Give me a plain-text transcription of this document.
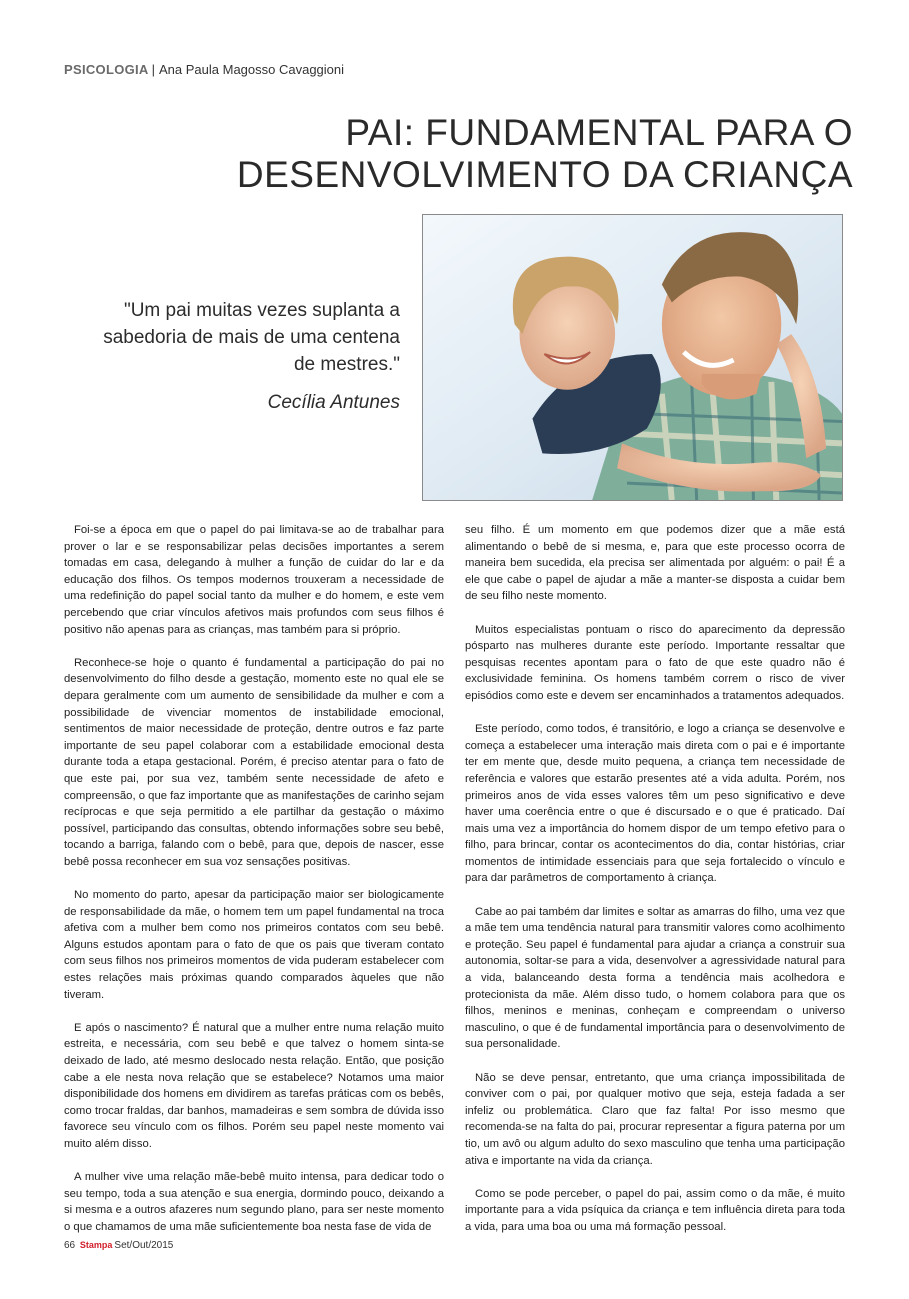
PSICOLOGIA | Ana Paula Magosso Cavaggioni
PAI: FUNDAMENTAL PARA O
DESENVOLVIMENTO DA CRIANÇA
"Um pai muitas vezes suplanta a sabedoria de mais de uma centena de mestres."
Cecília Antunes

Foi-se a época em que o papel do pai limitava-se ao de trabalhar para prover o lar e se responsabilizar pelas decisões importantes a serem tomadas em casa, delegando à mulher a função de cuidar do lar e da educação dos filhos. Os tempos modernos trouxeram a necessidade de uma redefinição do papel social tanto da mulher e do homem, e este vem percebendo que criar vínculos afetivos mais profundos com seus filhos é positivo não apenas para as crianças, mas também para si próprio.

Reconhece-se hoje o quanto é fundamental a participação do pai no desenvolvimento do filho desde a gestação, momento este no qual ele se depara geralmente com um aumento de sensibilidade da mulher e com a possibilidade de vivenciar momentos de instabilidade emocional, sentimentos de maior necessidade de proteção, dentre outros e faz parte importante de seu papel colaborar com a estabilidade emocional desta durante toda a etapa gestacional. Porém, é preciso atentar para o fato de que este pai, por sua vez, também sente necessidade de afeto e compreensão, o que faz importante que as manifestações de carinho sejam recíprocas e que seja permitido a ele partilhar da gestação o máximo possível, participando das consultas, obtendo informações sobre seu bebê, tocando a barriga, falando com o bebê, para que, depois de nascer, esse bebê possa reconhecer em sua voz sensações positivas.

No momento do parto, apesar da participação maior ser biologicamente de responsabilidade da mãe, o homem tem um papel fundamental na troca afetiva com a mulher bem como nos primeiros contatos com seu bebê. Alguns estudos apontam para o fato de que os pais que tiveram contato com seus filhos nos primeiros momentos de vida puderam estabelecer com estes relações mais próximas quando comparados àqueles que não tiveram.

E após o nascimento? É natural que a mulher entre numa relação muito estreita, e necessária, com seu bebê e que talvez o homem sinta-se deixado de lado, até mesmo deslocado nesta relação. Então, que posição cabe a ele nesta nova relação que se estabelece? Notamos uma maior disponibilidade dos homens em dividirem as tarefas práticas com os bebês, como trocar fraldas, dar banhos, mamadeiras e sem sombra de dúvida isso favorece seu vínculo com os filhos. Porém seu papel neste momento vai muito além disso.

A mulher vive uma relação mãe-bebê muito intensa, para dedicar todo o seu tempo, toda a sua atenção e sua energia, dormindo pouco, deixando a si mesma e a outros afazeres num segundo plano, para ser neste momento o que chamamos de uma mãe suficientemente boa nesta fase de vida de

seu filho. É um momento em que podemos dizer que a mãe está alimentando o bebê de si mesma, e, para que este processo ocorra de maneira bem sucedida, ela precisa ser alimentada por alguém: o pai! É a ele que cabe o papel de ajudar a mãe a manter-se disposta a cuidar bem de seu filho neste momento.

Muitos especialistas pontuam o risco do aparecimento da depressão pósparto nas mulheres durante este período. Importante ressaltar que pesquisas recentes apontam para o fato de que este quadro não é exclusividade feminina. Os homens também correm o risco de viver episódios como este e devem ser encaminhados a tratamentos adequados.

Este período, como todos, é transitório, e logo a criança se desenvolve e começa a estabelecer uma interação mais direta com o pai e é importante ter em mente que, desde muito pequena, a criança tem necessidade de referência e valores que estarão presentes até a vida adulta. Porém, nos primeiros anos de vida esses valores têm um peso significativo e deve haver uma coerência entre o que é discursado e o que é praticado. Daí mais uma vez a importância do homem dispor de um tempo efetivo para o filho, para brincar, contar os acontecimentos do dia, contar histórias, criar momentos de intimidade essenciais para que seja fortalecido o vínculo e para dar parâmetros de comportamento à criança.

Cabe ao pai também dar limites e soltar as amarras do filho, uma vez que a mãe tem uma tendência natural para transmitir valores como acolhimento e proteção. Seu papel é fundamental para ajudar a criança a construir sua autonomia, soltar-se para a vida, desenvolver a agressividade natural para a vida, balanceando desta forma a tendência mais acolhedora e protecionista da mãe. Além disso tudo, o homem colabora para que os filhos, meninos e meninas, conheçam e compreendam o universo masculino, o que é de fundamental importância para o desenvolvimento de sua personalidade.

Não se deve pensar, entretanto, que uma criança impossibilitada de conviver com o pai, por qualquer motivo que seja, esteja fadada a ser infeliz ou problemática. Claro que faz falta! Por isso mesmo que recomenda-se na falta do pai, procurar representar a figura paterna por um tio, um avô ou algum adulto do sexo masculino que tenha uma participação ativa e importante na vida da criança.

Como se pode perceber, o papel do pai, assim como o da mãe, é muito importante para a vida psíquica da criança e tem influência direta para toda a vida, para uma boa ou uma má formação pessoal.

66 Stampa Set/Out/2015
